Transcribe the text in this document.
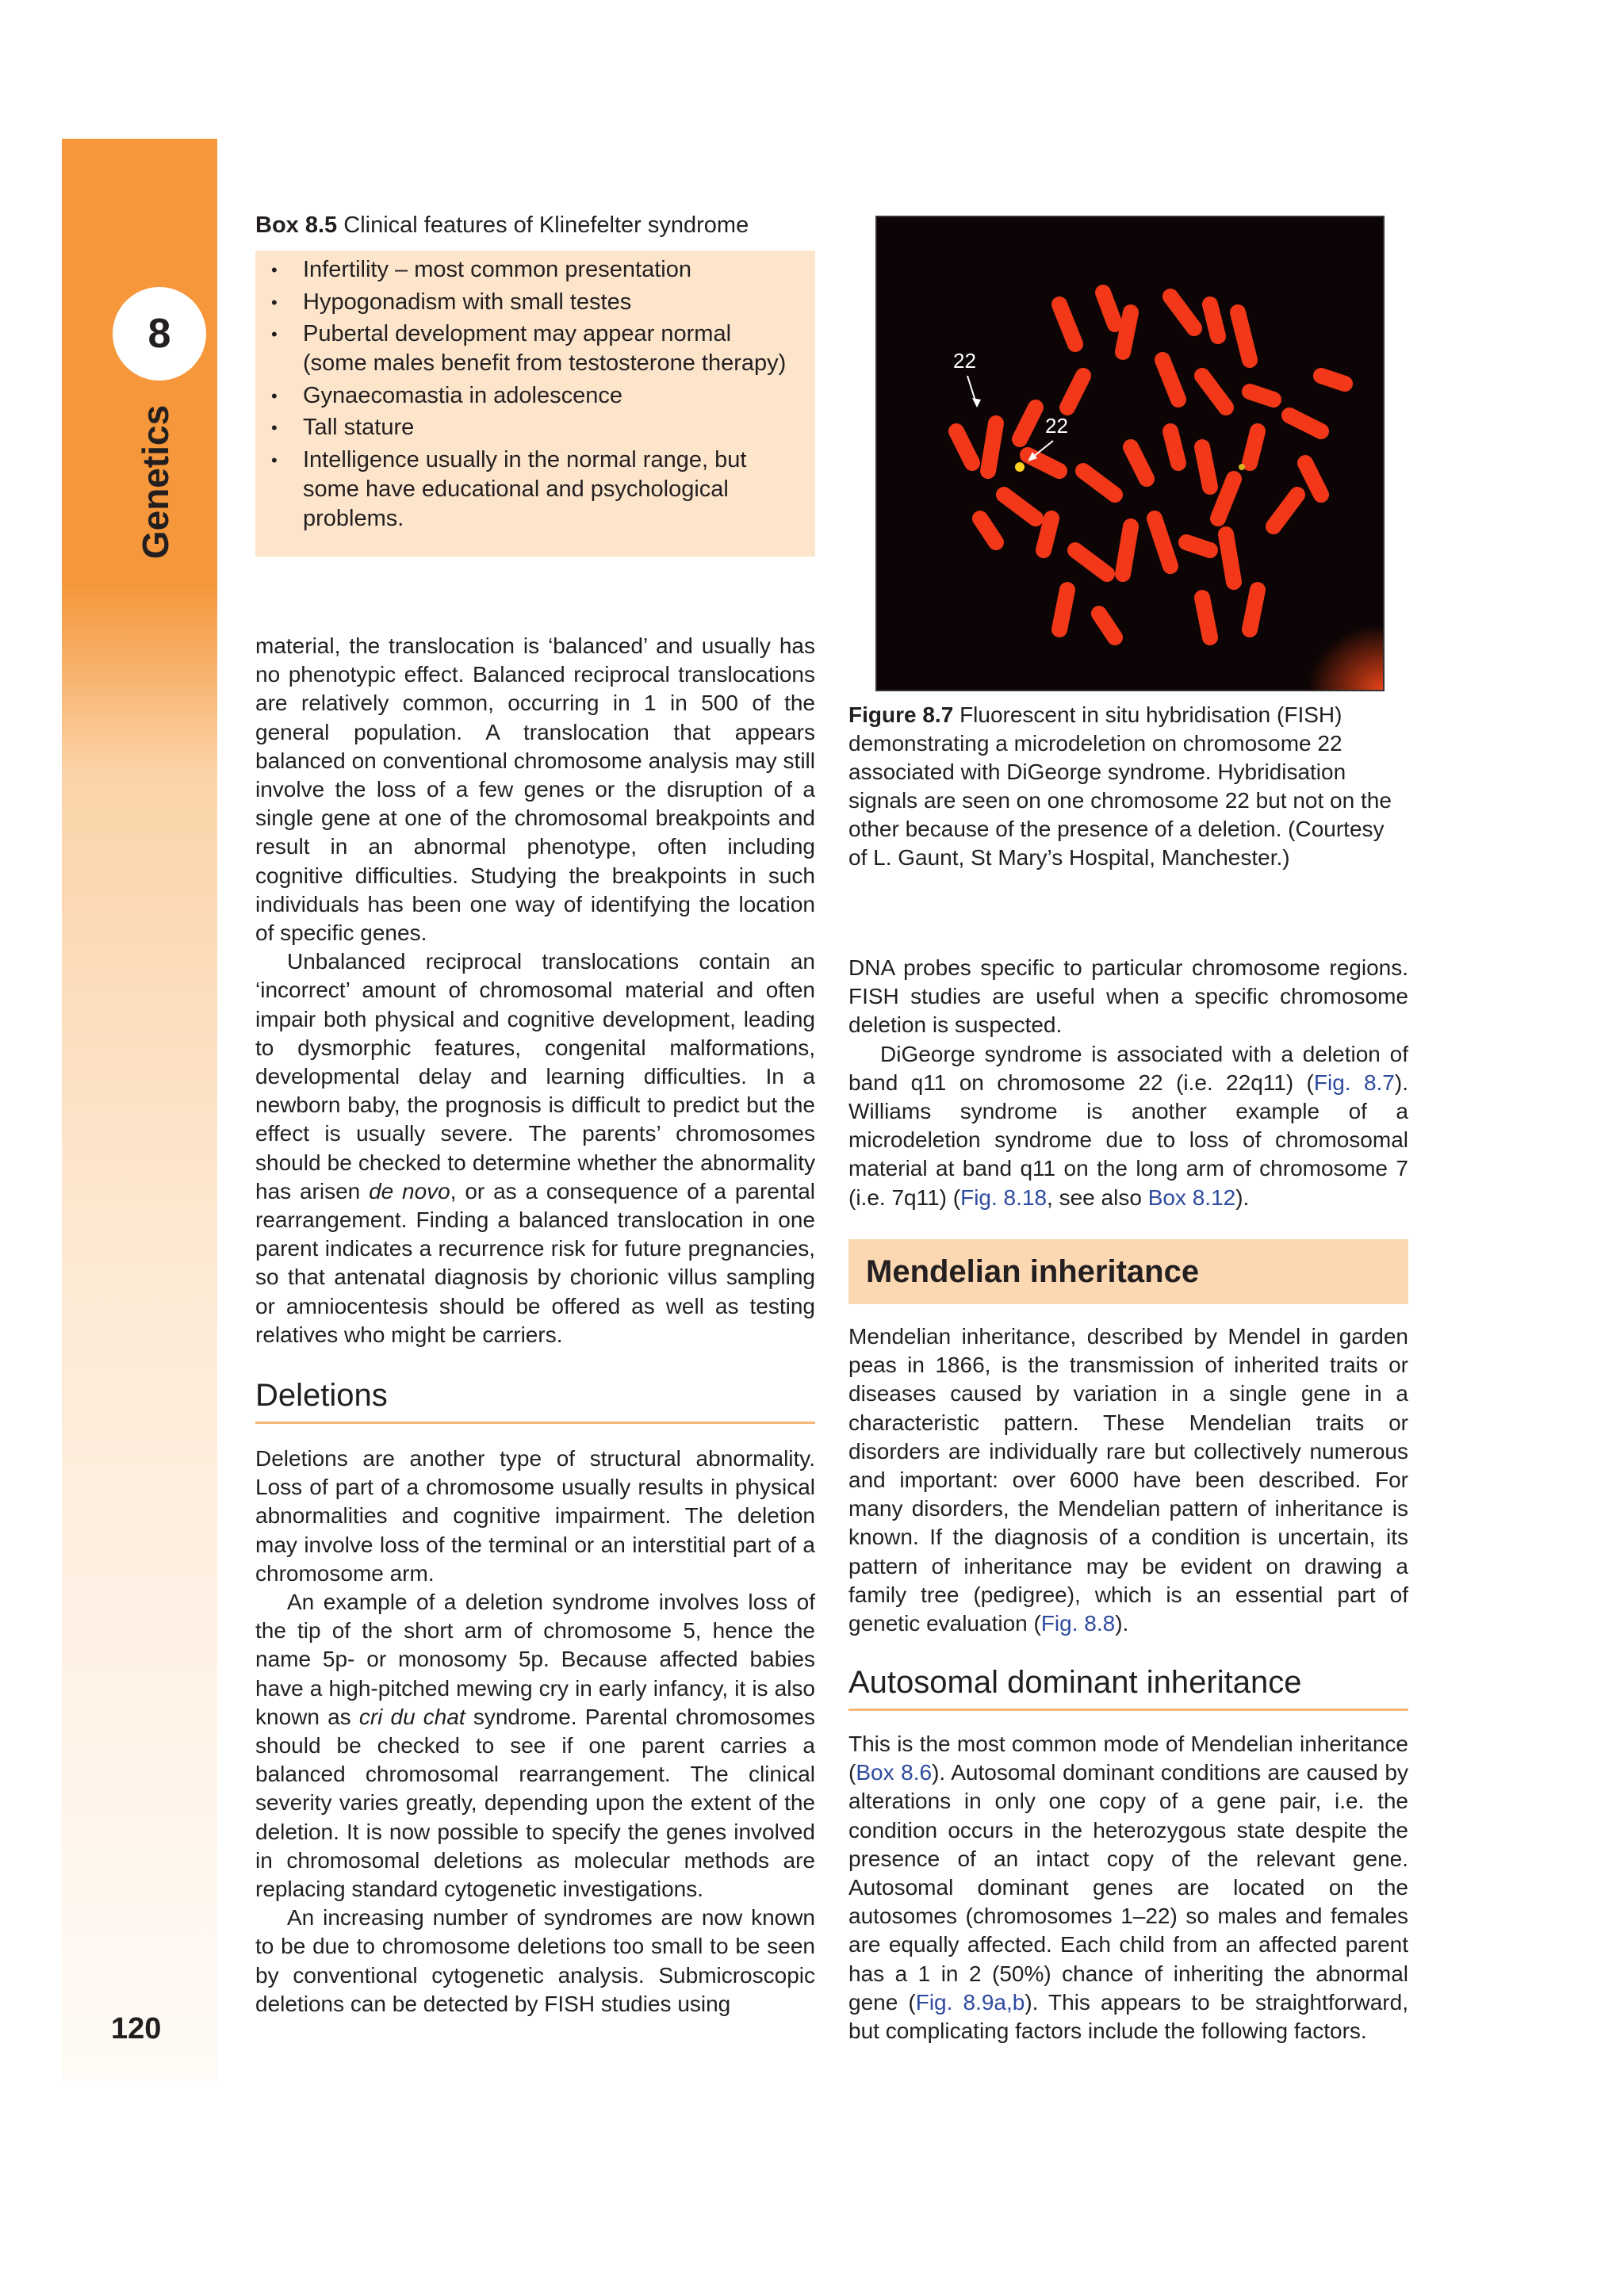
8
Genetics
120
Box 8.5 Clinical features of Klinefelter syndrome
• Infertility – most common presentation
• Hypogonadism with small testes
• Pubertal development may appear normal (some males benefit from testosterone therapy)
• Gynaecomastia in adolescence
• Tall stature
• Intelligence usually in the normal range, but some have educational and psychological problems.
22
22
Figure 8.7 Fluorescent in situ hybridisation (FISH) demonstrating a microdeletion on chromosome 22 associated with DiGeorge syndrome. Hybridisation signals are seen on one chromosome 22 but not on the other because of the presence of a deletion. (Courtesy of L. Gaunt, St Mary’s Hospital, Manchester.)

material, the translocation is ‘balanced’ and usually has no phenotypic effect. Balanced reciprocal translocations are relatively common, occurring in 1 in 500 of the general population. A translocation that appears balanced on conventional chromosome analysis may still involve the loss of a few genes or the disruption of a single gene at one of the chromosomal breakpoints and result in an abnormal phenotype, often including cognitive difficulties. Studying the breakpoints in such individuals has been one way of identifying the location of specific genes.

Unbalanced reciprocal translocations contain an ‘incorrect’ amount of chromosomal material and often impair both physical and cognitive development, leading to dysmorphic features, congenital malformations, developmental delay and learning difficulties. In a newborn baby, the prognosis is difficult to predict but the effect is usually severe. The parents’ chromosomes should be checked to determine whether the abnormality has arisen de novo, or as a consequence of a parental rearrangement. Finding a balanced translocation in one parent indicates a recurrence risk for future pregnancies, so that antenatal diagnosis by chorionic villus sampling or amniocentesis should be offered as well as testing relatives who might be carriers.

Deletions

Deletions are another type of structural abnormality. Loss of part of a chromosome usually results in physical abnormalities and cognitive impairment. The deletion may involve loss of the terminal or an interstitial part of a chromosome arm.

An example of a deletion syndrome involves loss of the tip of the short arm of chromosome 5, hence the name 5p- or monosomy 5p. Because affected babies have a high-pitched mewing cry in early infancy, it is also known as cri du chat syndrome. Parental chromosomes should be checked to see if one parent carries a balanced chromosomal rearrangement. The clinical severity varies greatly, depending upon the extent of the deletion. It is now possible to specify the genes involved in chromosomal deletions as molecular methods are replacing standard cytogenetic investigations.

An increasing number of syndromes are now known to be due to chromosome deletions too small to be seen by conventional cytogenetic analysis. Submicroscopic deletions can be detected by FISH studies using

DNA probes specific to particular chromosome regions. FISH studies are useful when a specific chromosome deletion is suspected.

DiGeorge syndrome is associated with a deletion of band q11 on chromosome 22 (i.e. 22q11) (Fig. 8.7). Williams syndrome is another example of a microdeletion syndrome due to loss of chromosomal material at band q11 on the long arm of chromosome 7 (i.e. 7q11) (Fig. 8.18, see also Box 8.12).

Mendelian inheritance

Mendelian inheritance, described by Mendel in garden peas in 1866, is the transmission of inherited traits or diseases caused by variation in a single gene in a characteristic pattern. These Mendelian traits or disorders are individually rare but collectively numerous and important: over 6000 have been described. For many disorders, the Mendelian pattern of inheritance is known. If the diagnosis of a condition is uncertain, its pattern of inheritance may be evident on drawing a family tree (pedigree), which is an essential part of genetic evaluation (Fig. 8.8).

Autosomal dominant inheritance

This is the most common mode of Mendelian inheritance (Box 8.6). Autosomal dominant conditions are caused by alterations in only one copy of a gene pair, i.e. the condition occurs in the heterozygous state despite the presence of an intact copy of the relevant gene. Autosomal dominant genes are located on the autosomes (chromosomes 1–22) so males and females are equally affected. Each child from an affected parent has a 1 in 2 (50%) chance of inheriting the abnormal gene (Fig. 8.9a,b). This appears to be straightforward, but complicating factors include the following factors.
